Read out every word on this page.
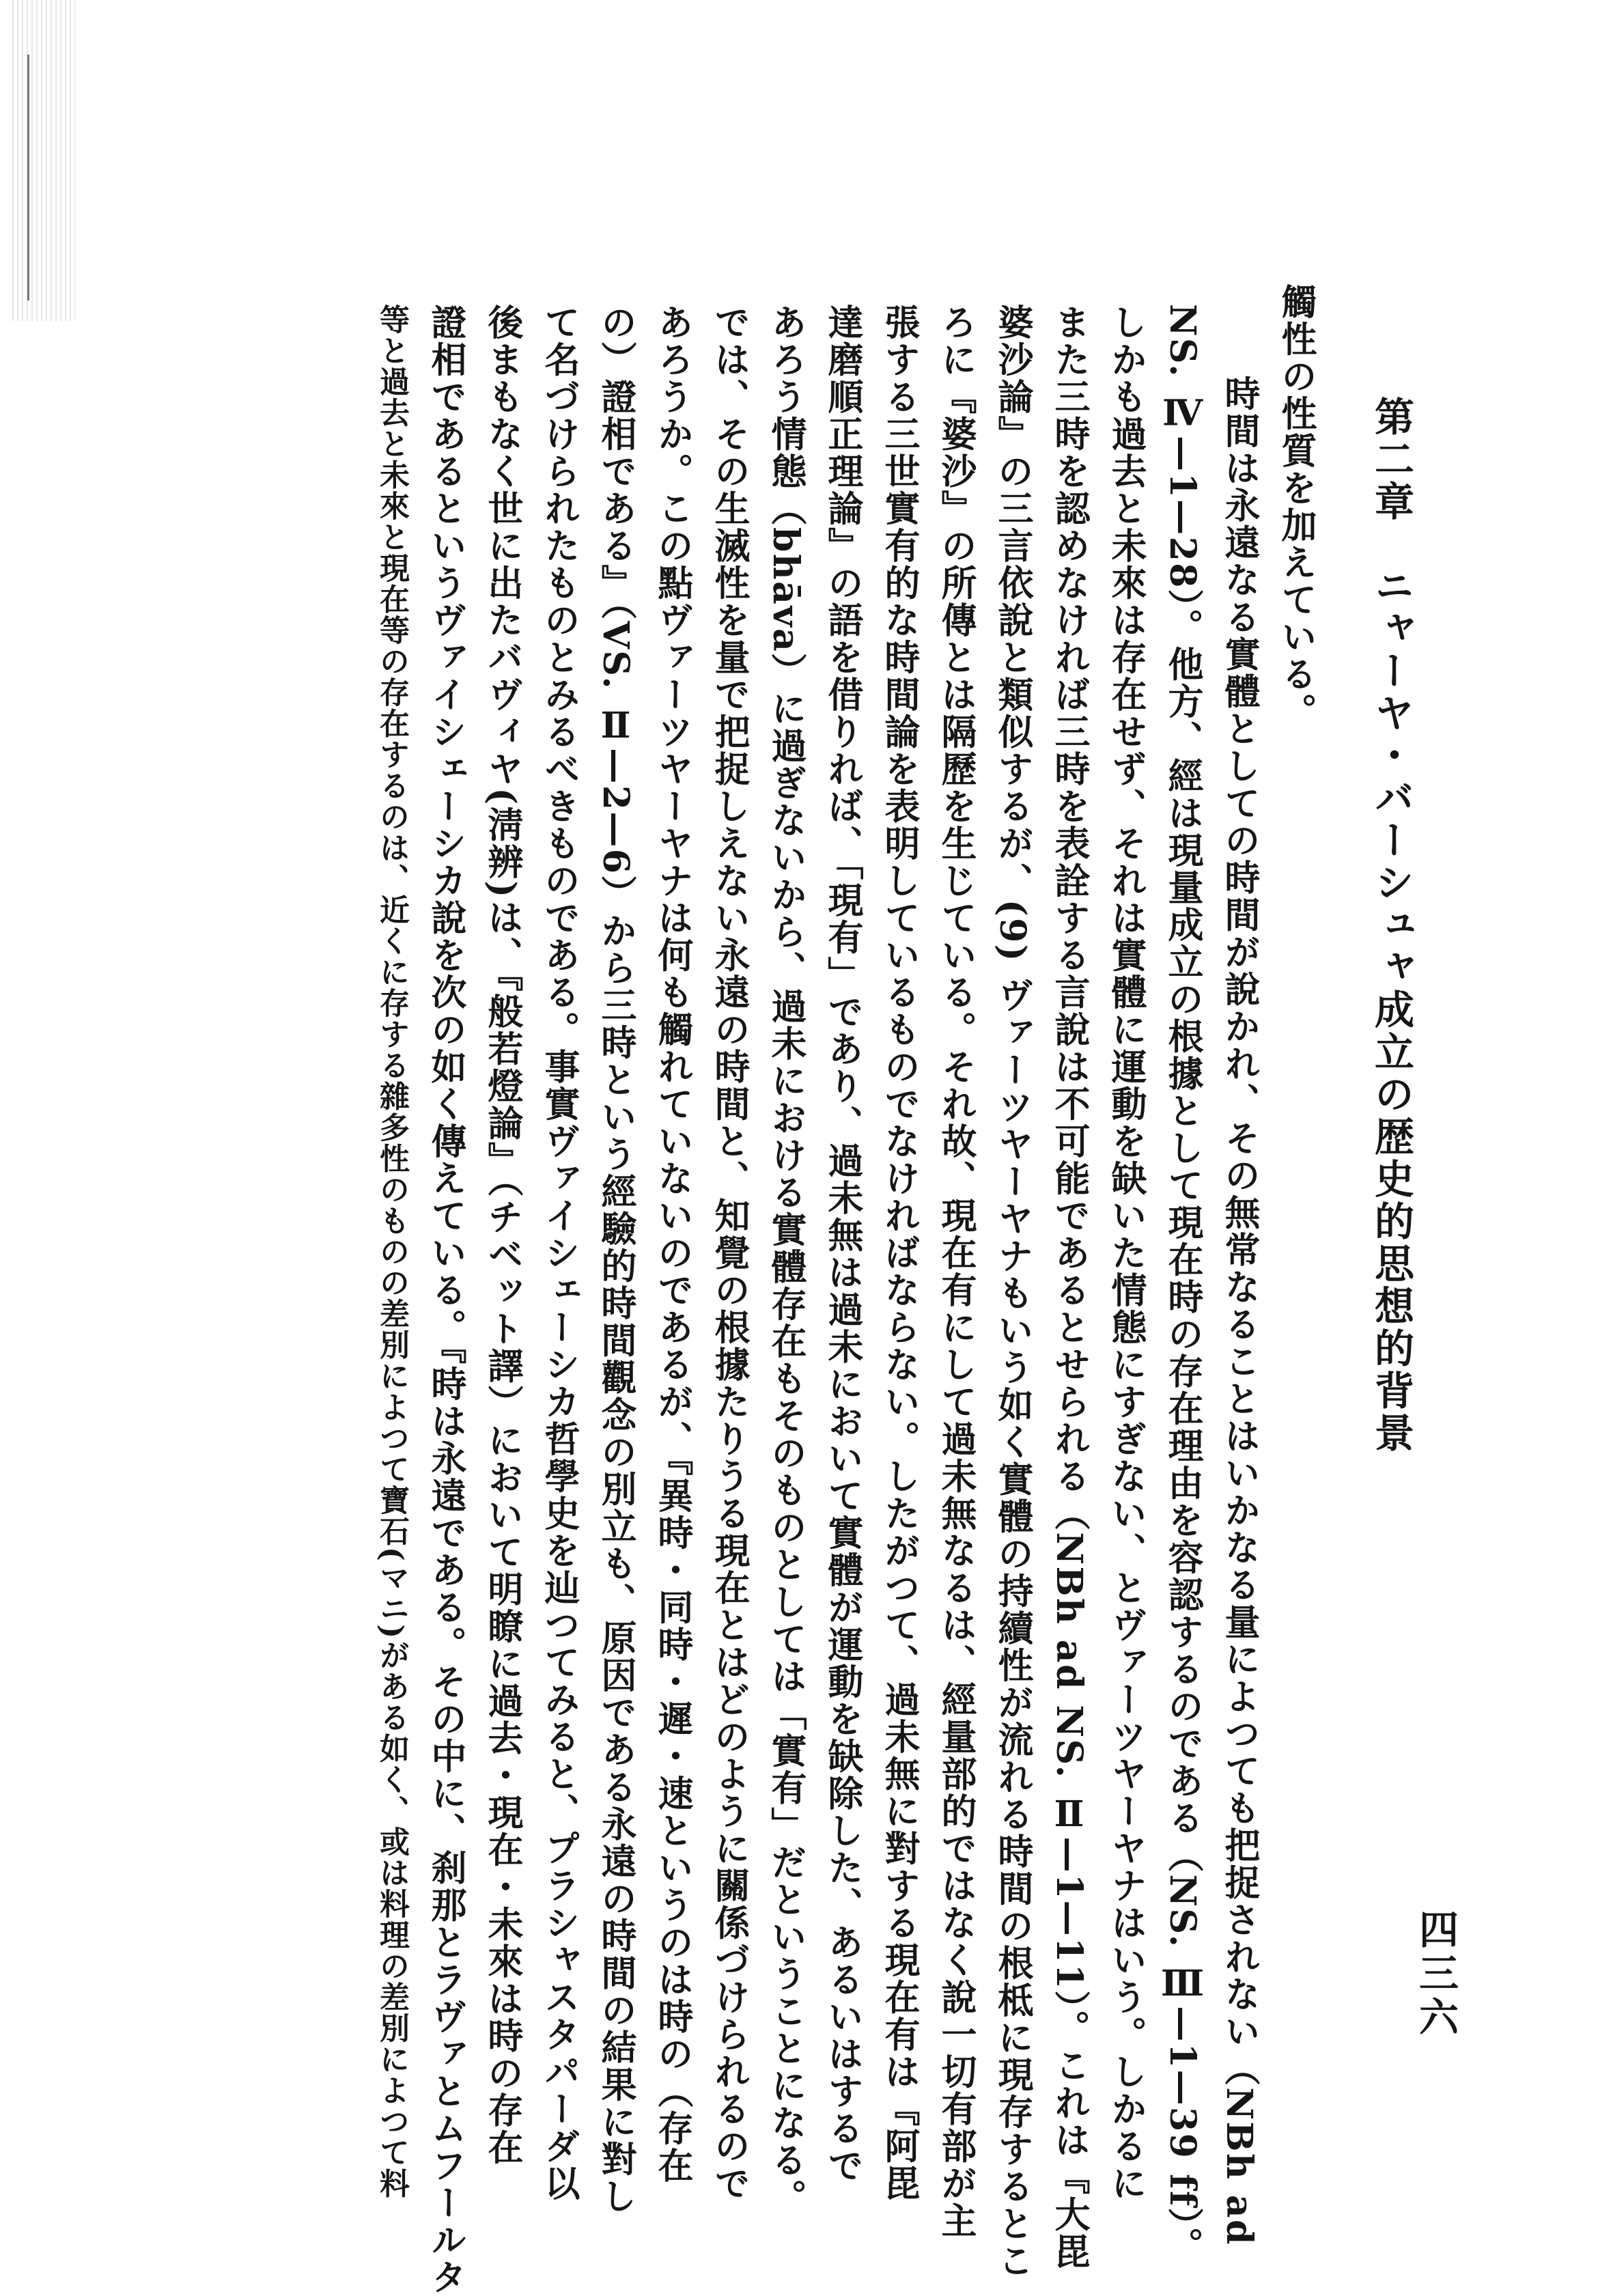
第二章　ニャーヤ・バーシュャ成立の歴史的思想的背景
四三六
觸性の性質を加えている。
　時間は永遠なる實體としての時間が說かれ、その無常なることはいかなる量によつても把捉されない（NBh ad
NS. Ⅳ—1—28）。他方、經は現量成立の根據として現在時の存在理由を容認するのである（NS. Ⅲ—1—39 ff）。
しかも過去と未來は存在せず、それは實體に運動を缺いた情態にすぎない、とヴァーツヤーヤナはいう。しかるに
また三時を認めなければ三時を表詮する言說は不可能であるとせられる（NBh ad NS. Ⅱ—1—11）。これは『大毘
婆沙論』の三言依說と類似するが、(9) ヴァーツヤーヤナもいう如く實體の持續性が流れる時間の根柢に現存するとこ
ろに『婆沙』の所傳とは隔歷を生じている。それ故、現在有にして過未無なるは、經量部的ではなく說一切有部が主
張する三世實有的な時間論を表明しているものでなければならない。したがつて、過未無に對する現在有は『阿毘
達磨順正理論』の語を借りれば、「現有」であり、過未無は過未において實體が運動を缺除した、あるいはするで
あろう情態（bhāva）に過ぎないから、過未における實體存在もそのものとしては「實有」だということになる。
では、その生滅性を量で把捉しえない永遠の時間と、知覺の根據たりうる現在とはどのように關係づけられるので
あろうか。この點ヴァーツヤーヤナは何も觸れていないのであるが、『異時・同時・遲・速というのは時の（存在
の）證相である』（VS. Ⅱ—2—6）から三時という經驗的時間觀念の別立も、原因である永遠の時間の結果に對し
て名づけられたものとみるべきものである。事實ヴァイシェーシカ哲學史を辿つてみると、プラシャスタパーダ以
後まもなく世に出たバヴィヤ(淸辨)は、『般若燈論』（チベット譯）において明瞭に過去・現在・未來は時の存在
證相であるというヴァイシェーシカ說を次の如く傳えている。『時は永遠である。その中に、刹那とラヴァとムフールタ
等と過去と未來と現在等の存在するのは、近くに存する雜多性のものの差別によつて寶石(マニ)がある如く、或は料理の差別によつて料
